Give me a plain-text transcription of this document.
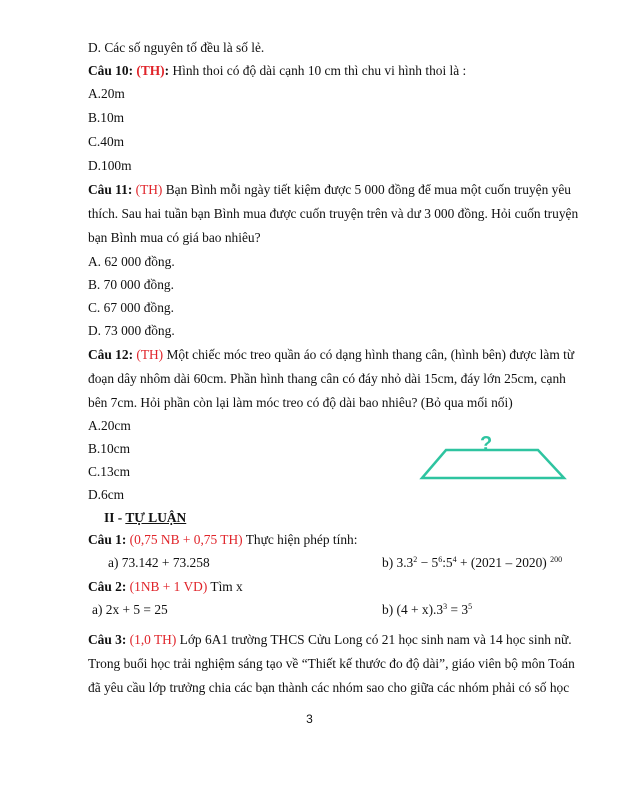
D. Các số nguyên tố đều là số lẻ.
Câu 10: (TH): Hình thoi có độ dài cạnh 10 cm thì chu vi hình thoi là :
A.20m
B.10m
C.40m
D.100m
Câu 11: (TH) Bạn Bình mỗi ngày tiết kiệm được 5 000 đồng để mua một cuốn truyện yêu
thích. Sau hai tuần bạn Bình mua được cuốn truyện trên và dư 3 000 đồng. Hỏi cuốn truyện
bạn Bình mua có giá bao nhiêu?
A. 62 000 đồng.
B. 70 000 đồng.
C. 67 000 đồng.
D. 73 000 đồng.
Câu 12: (TH) Một chiếc móc treo quần áo có dạng hình thang cân, (hình bên) được làm từ
đoạn dây nhôm dài 60cm. Phần hình thang cân có đáy nhỏ dài 15cm, đáy lớn 25cm, cạnh
bên 7cm. Hỏi phần còn lại làm móc treo có độ dài bao nhiêu? (Bỏ qua mối nối)
A.20cm
B.10cm
C.13cm
D.6cm
?
II - TỰ LUẬN
Câu 1: (0,75 NB + 0,75 TH) Thực hiện phép tính:
a) 73.142 + 73.258	b) $3.3^2$ − $5^6:5^4 + (2021 - 2020)$ $^{200}$
Câu 2: (1NB + 1 VD) Tìm x
a) 2x + 5 = 25	b) $(4 + x).3^3 = 3^5$
Câu 3: (1,0 TH) Lớp 6A1 trường THCS Cửu Long có 21 học sinh nam và 14 học sinh nữ.
Trong buổi học trải nghiệm sáng tạo về “Thiết kế thước đo độ dài”, giáo viên bộ môn Toán
đã yêu cầu lớp trưởng chia các bạn thành các nhóm sao cho giữa các nhóm phải có số học
3
